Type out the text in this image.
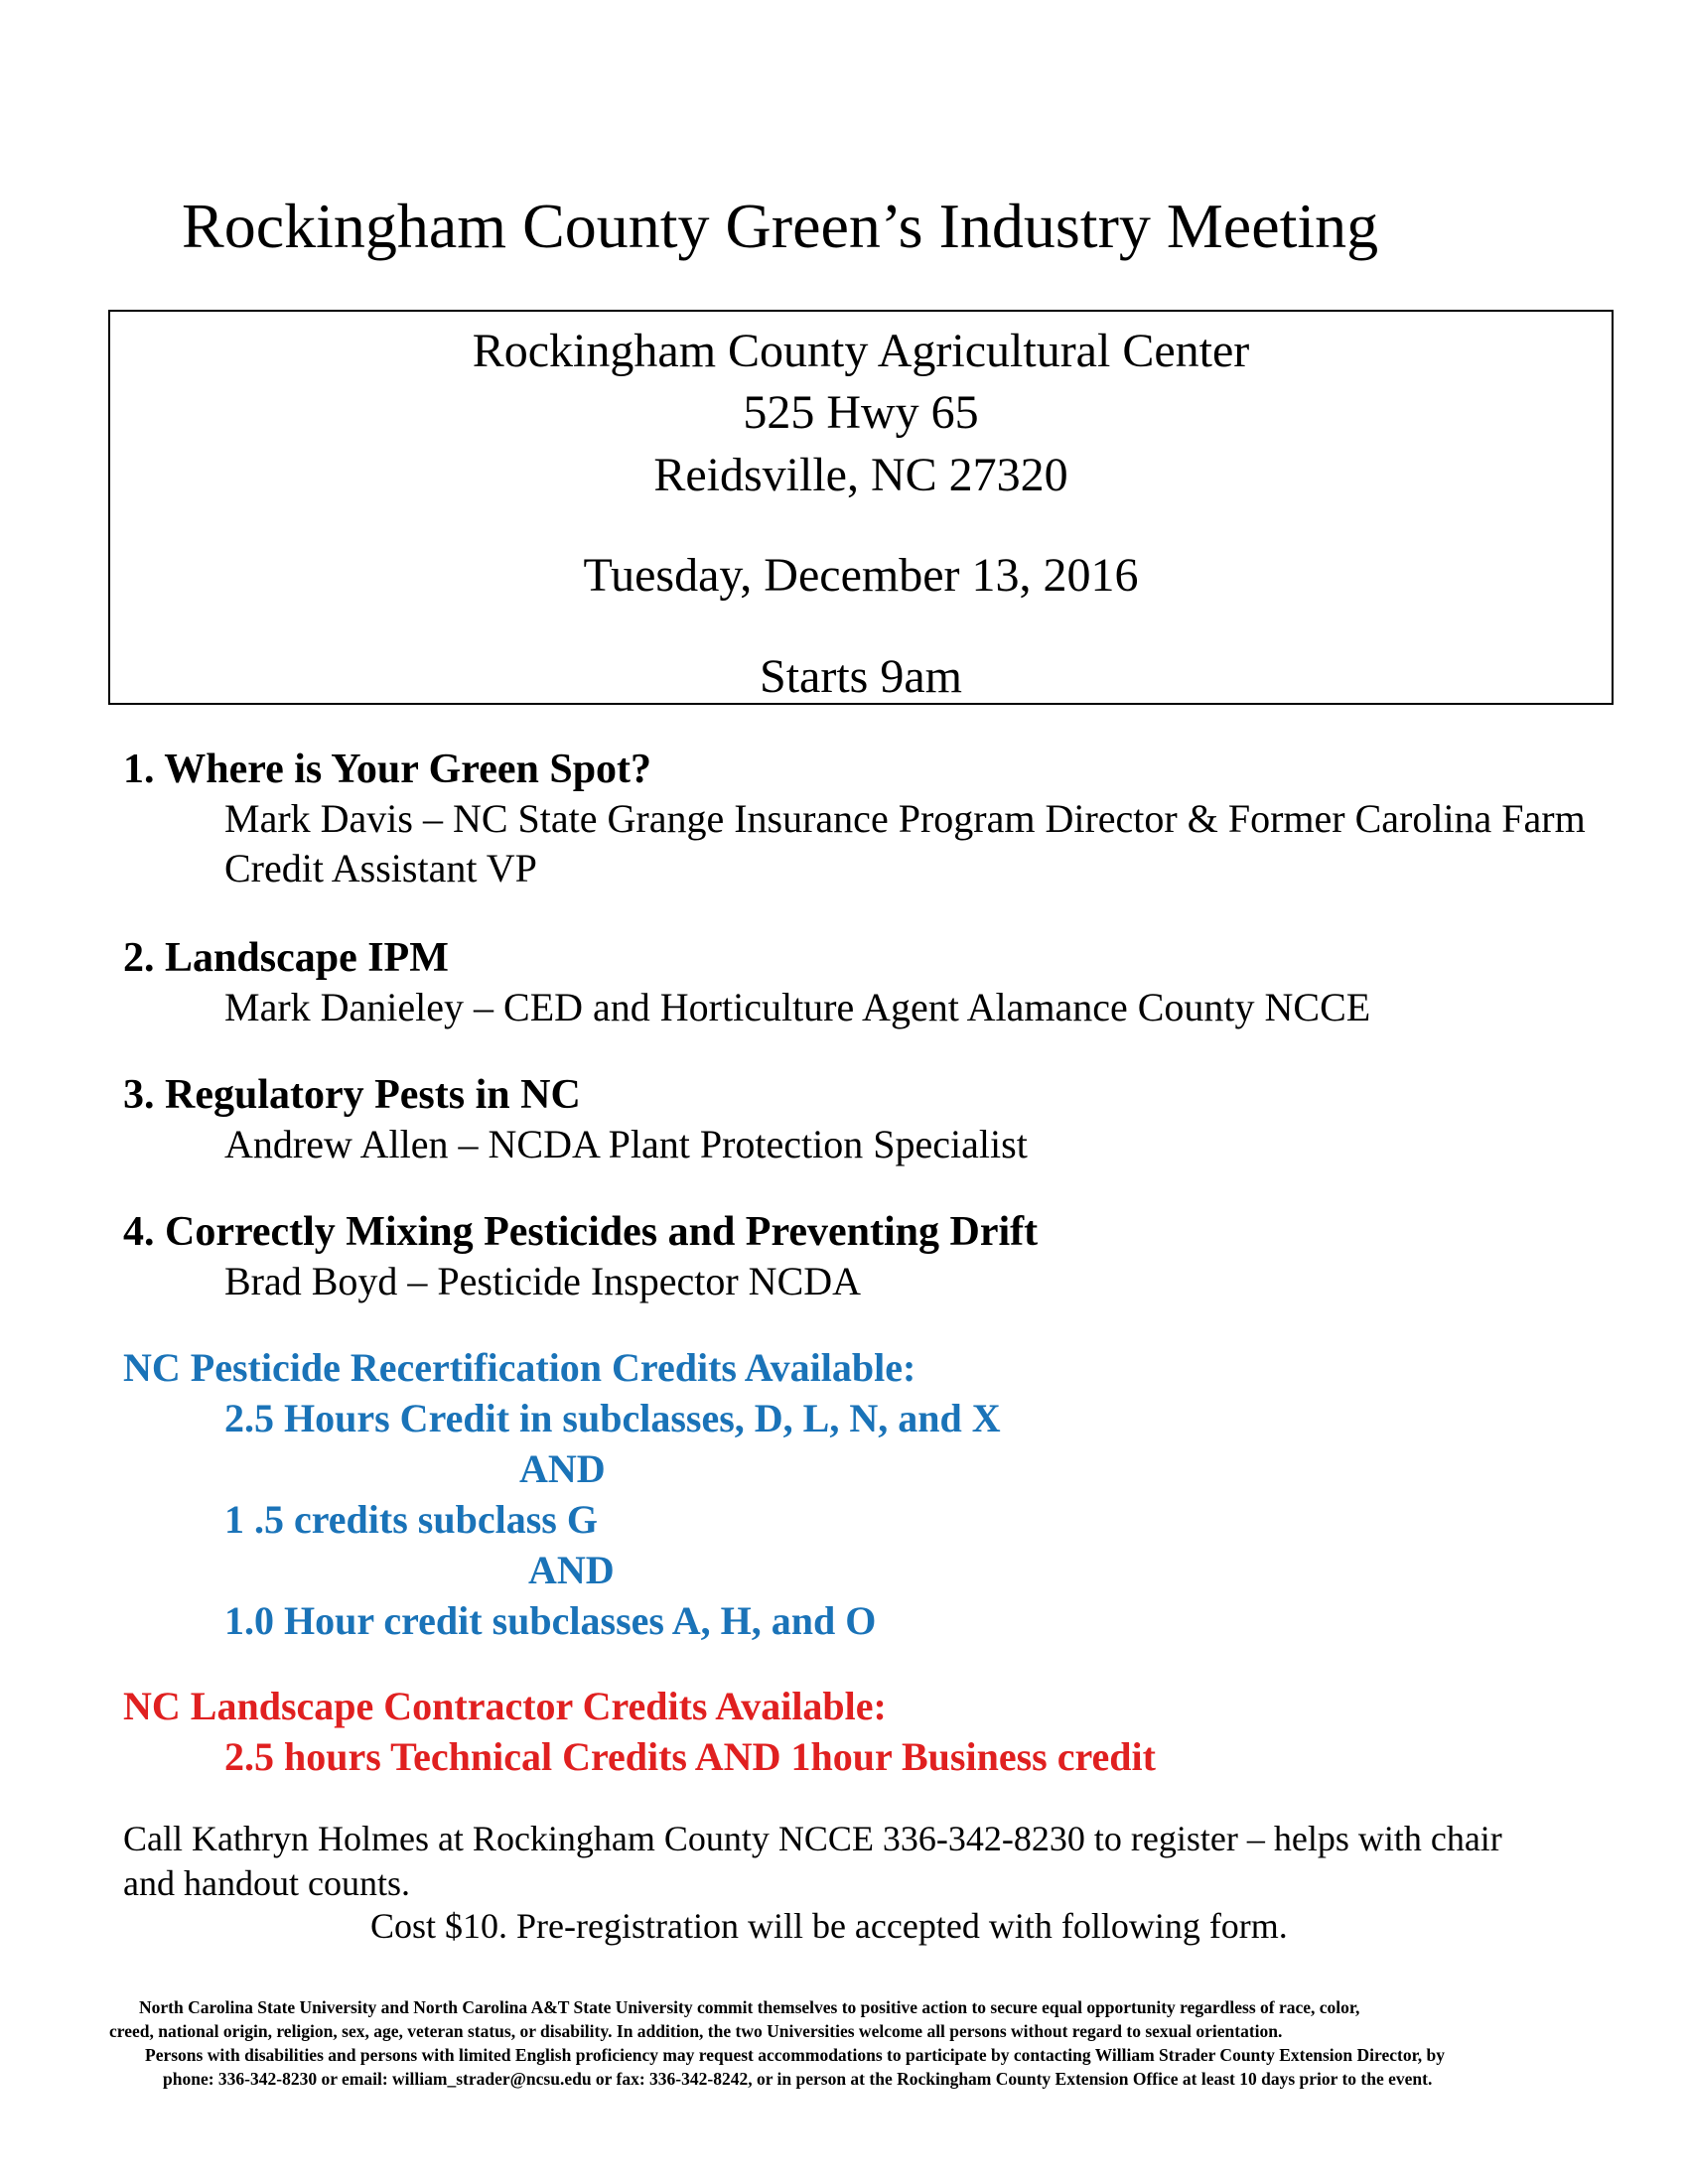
Rockingham County Green’s Industry Meeting
Rockingham County Agricultural Center
525 Hwy 65
Reidsville, NC 27320
Tuesday, December 13, 2016
Starts 9am
1. Where is Your Green Spot?
Mark Davis – NC State Grange Insurance Program Director & Former Carolina Farm Credit Assistant VP
2. Landscape IPM
Mark Danieley – CED and Horticulture Agent Alamance County NCCE
3. Regulatory Pests in NC
Andrew Allen – NCDA Plant Protection Specialist
4. Correctly Mixing Pesticides and Preventing Drift
Brad Boyd – Pesticide Inspector NCDA
NC Pesticide Recertification Credits Available:
2.5 Hours Credit in subclasses, D, L, N, and X
AND
1 .5 credits subclass G
AND
1.0 Hour credit subclasses A, H, and O
NC Landscape Contractor Credits Available:
2.5 hours Technical Credits AND 1hour Business credit
Call Kathryn Holmes at Rockingham County NCCE 336-342-8230 to register – helps with chair and handout counts.
Cost $10. Pre-registration will be accepted with following form.

North Carolina State University and North Carolina A&T State University commit themselves to positive action to secure equal opportunity regardless of race, color,

creed, national origin, religion, sex, age, veteran status, or disability. In addition, the two Universities welcome all persons without regard to sexual orientation.

Persons with disabilities and persons with limited English proficiency may request accommodations to participate by contacting William Strader County Extension Director, by

phone: 336-342-8230 or email: william_strader@ncsu.edu or fax: 336-342-8242, or in person at the Rockingham County Extension Office at least 10 days prior to the event.
